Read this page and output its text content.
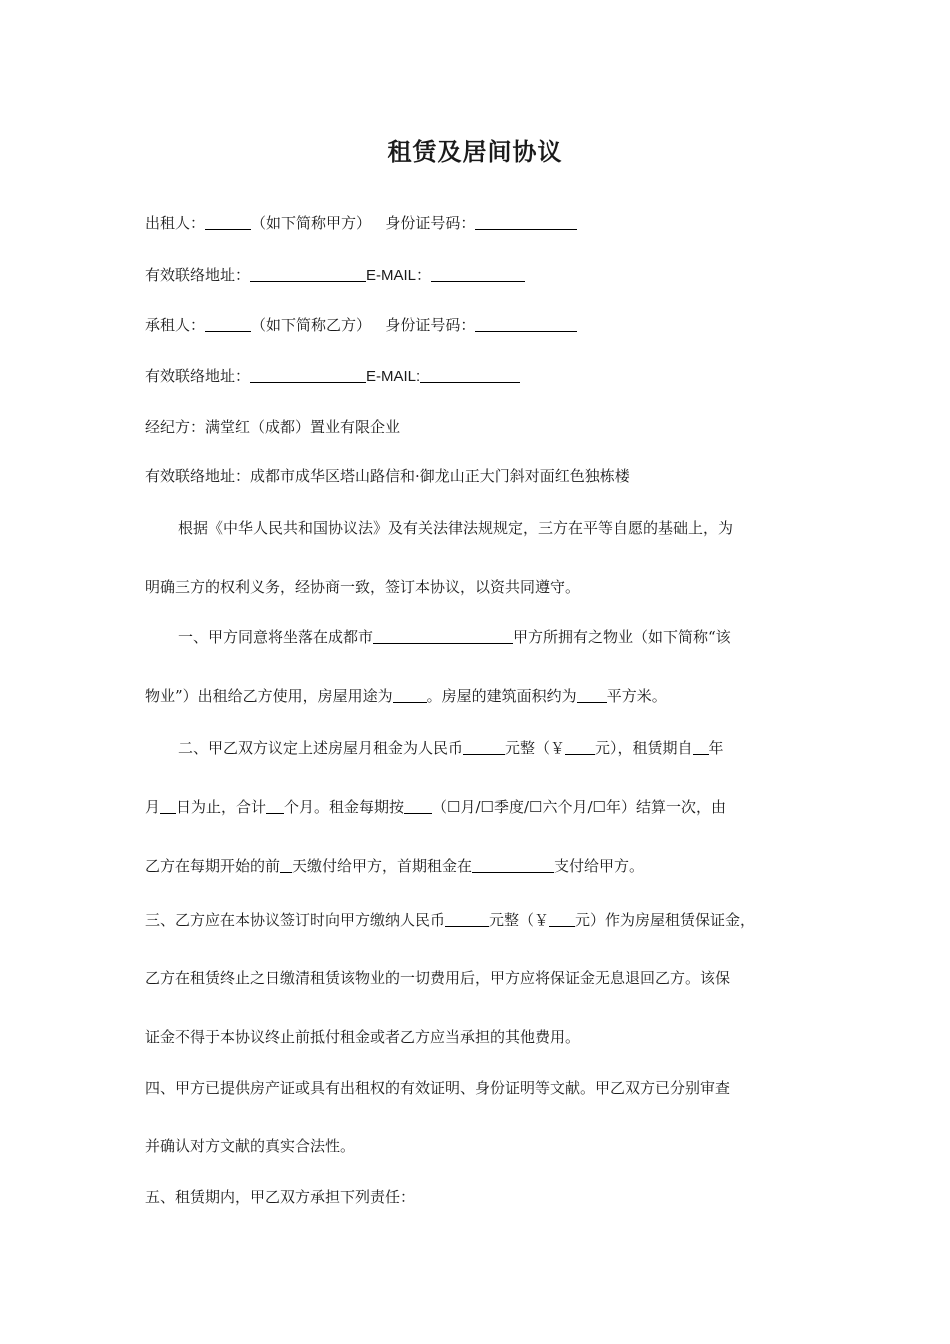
租赁及居间协议
出租人：	（如下简称甲方） 身份证号码：
有效联络地址：	E-MAIL：
承租人：	（如下简称乙方） 身份证号码：
有效联络地址：	E-MAIL:
经纪方：满堂红（成都）置业有限企业
有效联络地址：成都市成华区塔山路信和·御龙山正大门斜对面红色独栋楼
根据《中华人民共和国协议法》及有关法律法规规定，三方在平等自愿的基础上，为
明确三方的权利义务，经协商一致，签订本协议，以资共同遵守。
一、甲方同意将坐落在成都市	甲方所拥有之物业（如下简称“该
物业”）出租给乙方使用，房屋用途为 。房屋的建筑面积约为 平方米。
二、甲乙双方议定上述房屋月租金为人民币	元整（￥ 元），租赁期自 年
月 日为止，合计 个月。租金每期按 （☐月/☐季度/☐六个月/☐年）结算一次，由
乙方在每期开始的前 天缴付给甲方，首期租金在	支付给甲方。
三、乙方应在本协议签订时向甲方缴纳人民币	元整（￥ 元）作为房屋租赁保证金，
乙方在租赁终止之日缴清租赁该物业的一切费用后，甲方应将保证金无息退回乙方。该保
证金不得于本协议终止前抵付租金或者乙方应当承担的其他费用。
四、甲方已提供房产证或具有出租权的有效证明、身份证明等文献。甲乙双方已分别审查
并确认对方文献的真实合法性。
五、租赁期内，甲乙双方承担下列责任：
